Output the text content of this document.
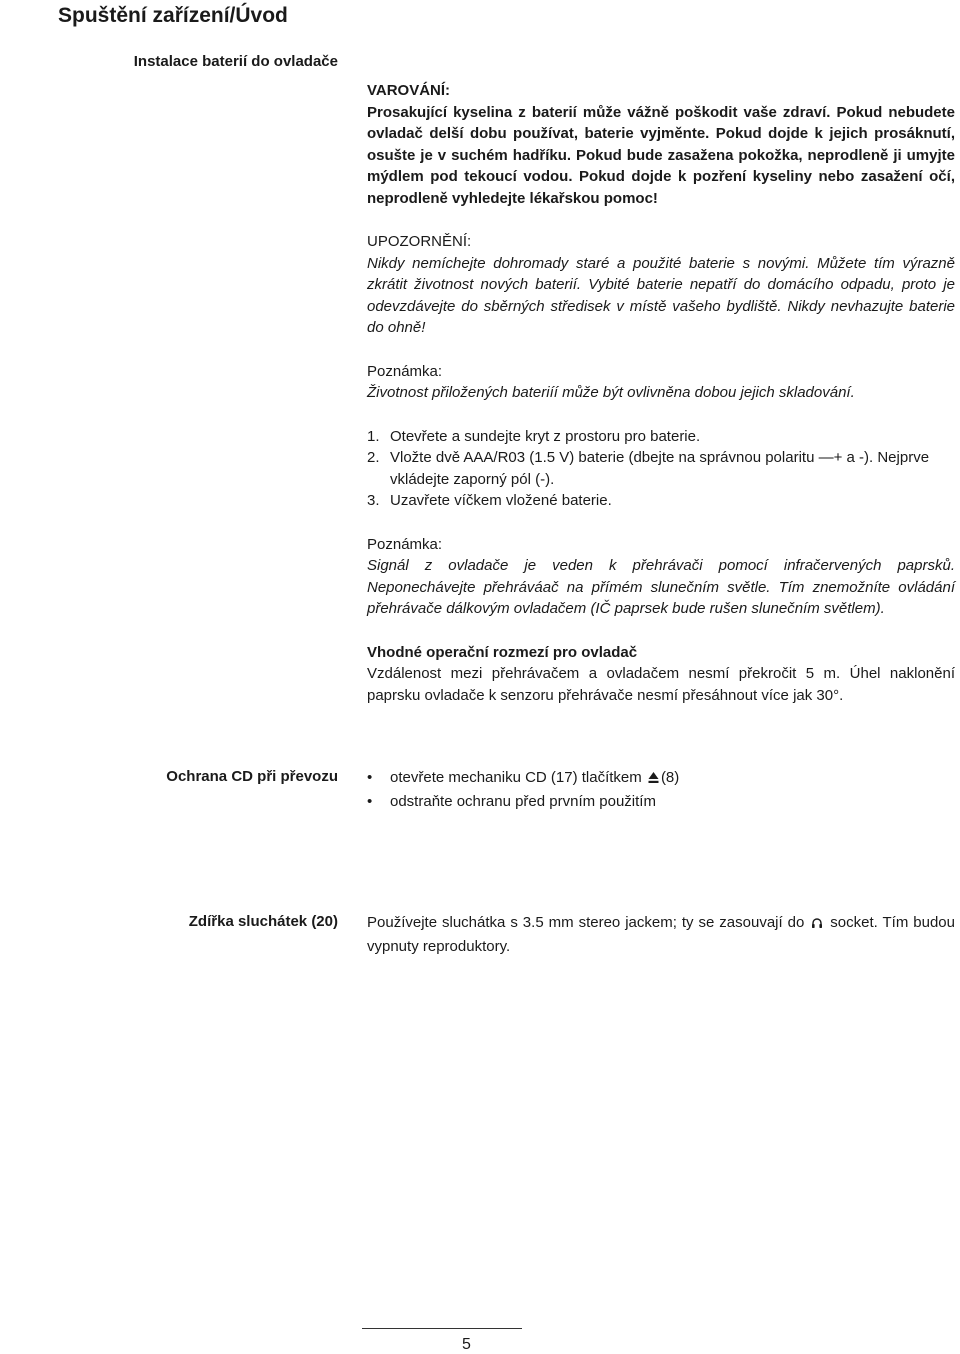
Spuštění zařízení/Úvod
Instalace baterií do ovladače
VAROVÁNÍ:
Prosakující kyselina z baterií může vážně poškodit vaše zdraví. Pokud nebudete ovladač delší dobu používat, baterie vyjměnte. Pokud dojde k jejich prosáknutí, osušte je v suchém hadříku. Pokud bude zasažena pokožka, neprodleně ji umyjte mýdlem pod tekoucí vodou. Pokud dojde k pozření kyseliny nebo zasažení očí, neprodleně vyhledejte lékařskou pomoc!
UPOZORNĚNÍ:
Nikdy nemíchejte dohromady staré a použité baterie s novými. Můžete tím výrazně zkrátit životnost nových baterií. Vybité baterie nepatří do domácího odpadu, proto je odevzdávejte do sběrných středisek v místě vašeho bydliště. Nikdy nevhazujte baterie do ohně!
Poznámka:
Životnost přiložených bateriíí může být ovlivněna dobou jejich skladování.
1. Otevřete a sundejte kryt z prostoru pro baterie.
2. Vložte dvě AAA/R03 (1.5 V) baterie (dbejte na správnou polaritu —+ a -). Nejprve vkládejte zaporný pól (-).
3. Uzavřete víčkem vložené baterie.
Poznámka:
Signál z ovladače je veden k přehrávači pomocí infračervených paprsků. Neponechávejte přehráváač na přímém slunečním světle. Tím znemožníte ovládání přehrávače dálkovým ovladačem (IČ paprsek bude rušen slunečním světlem).
Vhodné operační rozmezí pro ovladač
Vzdálenost mezi přehrávačem a ovladačem nesmí překročit 5 m. Úhel naklonění paprsku ovladače k senzoru přehrávače nesmí přesáhnout více jak 30°.
Ochrana CD při převozu • otevřete mechaniku CD (17) tlačítkem (8)
• odstraňte ochranu před prvním použitím
Zdířka sluchátek (20) Používejte sluchátka s 3.5 mm stereo jackem; ty se zasouvají do socket. Tím budou vypnuty reproduktory.
5
